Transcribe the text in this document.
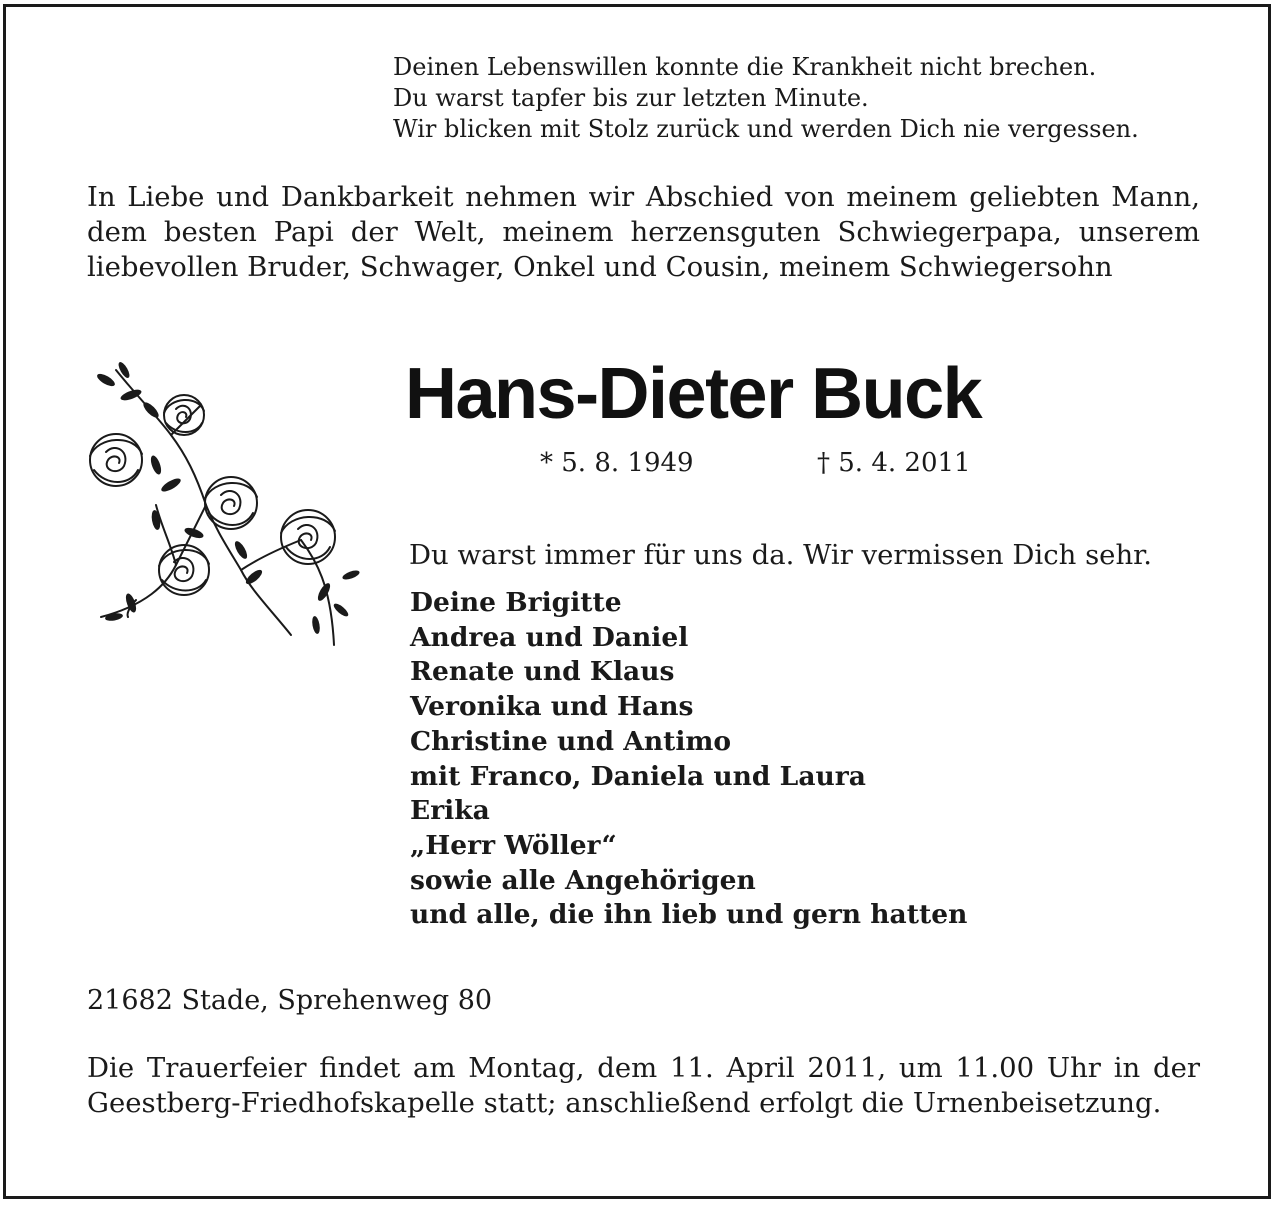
Deinen Lebenswillen konnte die Krankheit nicht brechen.
Du warst tapfer bis zur letzten Minute.
Wir blicken mit Stolz zurück und werden Dich nie vergessen.
In Liebe und Dankbarkeit nehmen wir Abschied von meinem geliebten Mann, dem besten Papi der Welt, meinem herzensguten Schwiegerpapa, unserem liebevollen Bruder, Schwager, Onkel und Cousin, meinem Schwiegersohn
Hans-Dieter Buck
* 5. 8. 1949	† 5. 4. 2011
Du warst immer für uns da. Wir vermissen Dich sehr.
Deine Brigitte
Andrea und Daniel
Renate und Klaus
Veronika und Hans
Christine und Antimo
mit Franco, Daniela und Laura
Erika
„Herr Wöller“
sowie alle Angehörigen
und alle, die ihn lieb und gern hatten
21682 Stade, Sprehenweg 80
Die Trauerfeier findet am Montag, dem 11. April 2011, um 11.00 Uhr in der Geestberg-Friedhofskapelle statt; anschließend erfolgt die Urnenbeisetzung.
